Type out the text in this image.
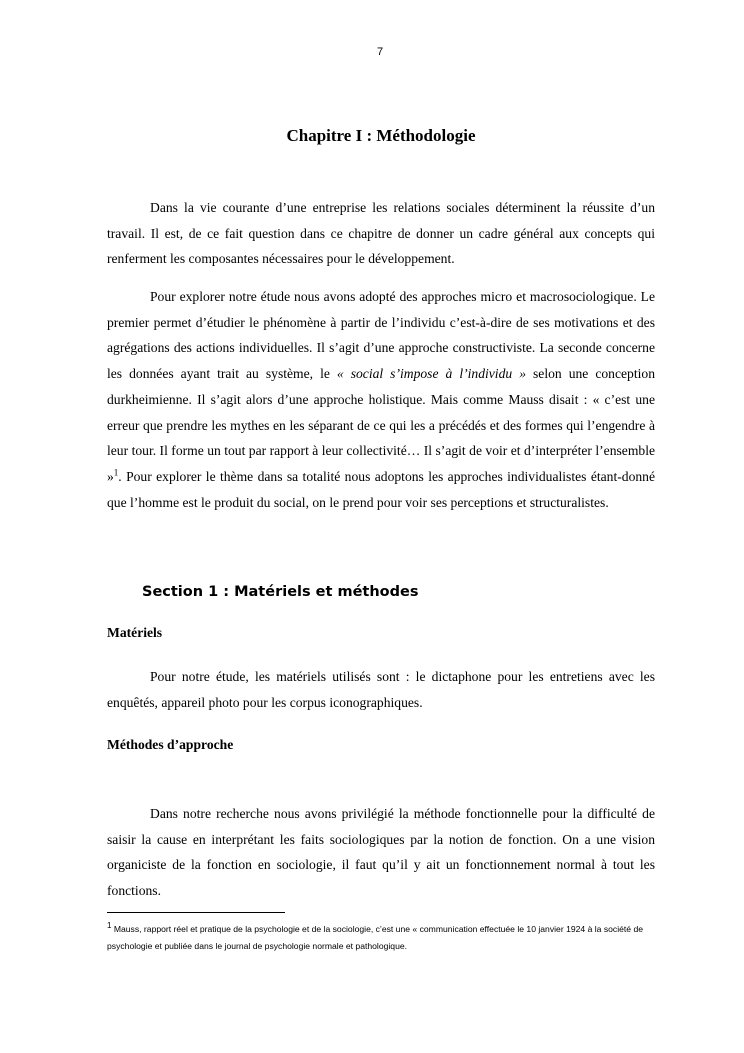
7
Chapitre I : Méthodologie

Dans la vie courante d’une entreprise les relations sociales déterminent la réussite d’un travail. Il est, de ce fait question dans ce chapitre de donner un cadre général aux concepts qui renferment les composantes nécessaires pour le développement.

Pour explorer notre étude nous avons adopté des approches micro et macrosociologique. Le premier permet d’étudier le phénomène à partir de l’individu c’est-à-dire de ses motivations et des agrégations des actions individuelles. Il s’agit d’une approche constructiviste. La seconde concerne les données ayant trait au système, le « social s’impose à l’individu » selon une conception durkheimienne. Il s’agit alors d’une approche holistique. Mais comme Mauss disait : « c’est une erreur que prendre les mythes en les séparant de ce qui les a précédés et des formes qui l’engendre à leur tour. Il forme un tout par rapport à leur collectivité… Il s’agit de voir et d’interpréter l’ensemble »$^1$. Pour explorer le thème dans sa totalité nous adoptons les approches individualistes étant-donné que l’homme est le produit du social, on le prend pour voir ses perceptions et structuralistes.

Section 1 : Matériels et méthodes
Matériels

Pour notre étude, les matériels utilisés sont : le dictaphone pour les entretiens avec les enquêtés, appareil photo pour les corpus iconographiques.

Méthodes d’approche

Dans notre recherche nous avons privilégié la méthode fonctionnelle pour la difficulté de saisir la cause en interprétant les faits sociologiques par la notion de fonction. On a une vision organiciste de la fonction en sociologie, il faut qu’il y ait un fonctionnement normal à tout les fonctions.

$^1$ Mauss, rapport réel et pratique de la psychologie et de la sociologie, c’est une « communication effectuée le 10 janvier 1924 à la société de psychologie et publiée dans le journal de psychologie normale et pathologique.
